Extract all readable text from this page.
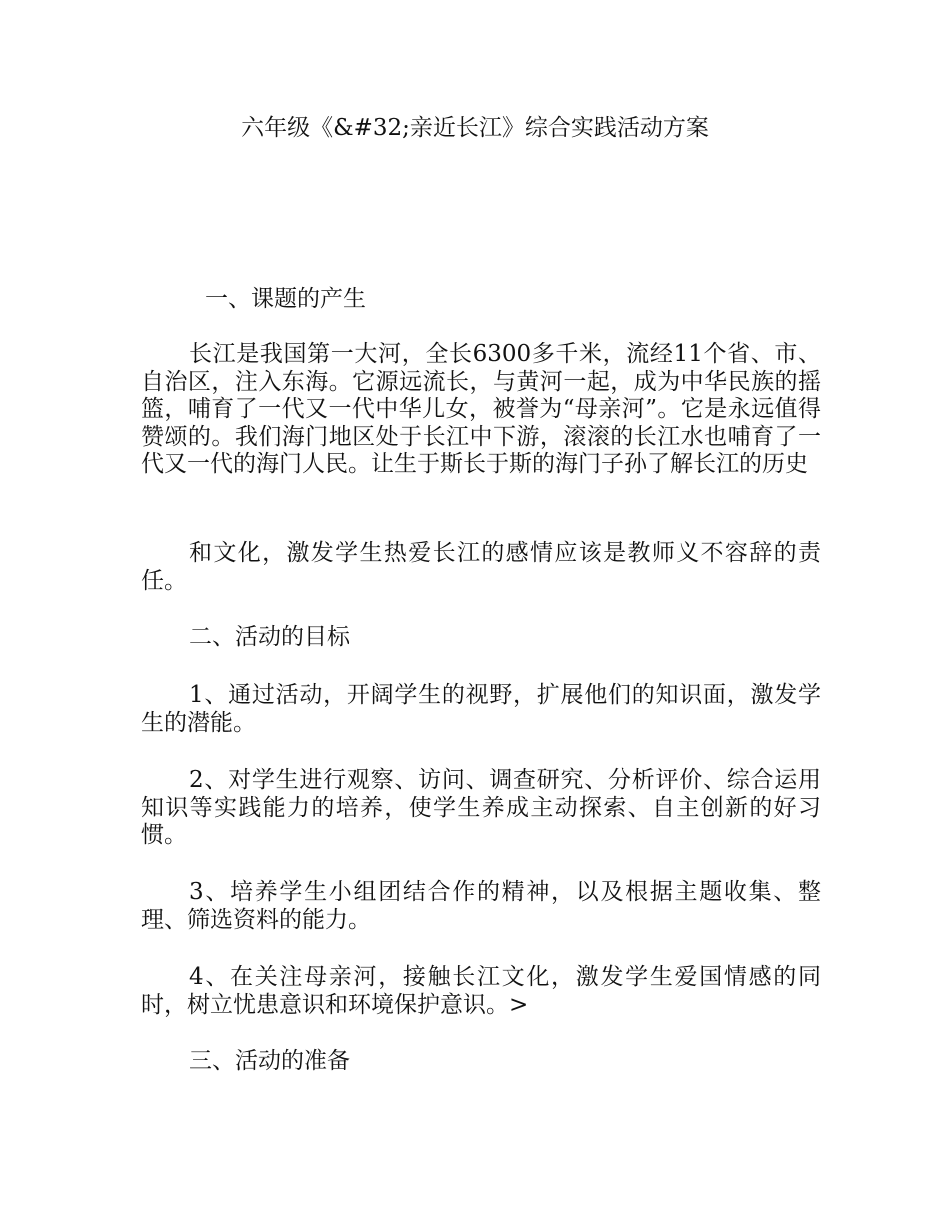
六年级《&#32;亲近长江》综合实践活动方案
一、课题的产生
长江是我国第一大河，全长6300多千米，流经11个省、市、自治区，注入东海。它源远流长，与黄河一起，成为中华民族的摇篮，哺育了一代又一代中华儿女，被誉为“母亲河”。它是永远值得赞颂的。我们海门地区处于长江中下游，滚滚的长江水也哺育了一代又一代的海门人民。让生于斯长于斯的海门子孙了解长江的历史
和文化，激发学生热爱长江的感情应该是教师义不容辞的责任。
二、活动的目标
1、通过活动，开阔学生的视野，扩展他们的知识面，激发学生的潜能。
2、对学生进行观察、访问、调查研究、分析评价、综合运用知识等实践能力的培养，使学生养成主动探索、自主创新的好习惯。
3、培养学生小组团结合作的精神，以及根据主题收集、整理、筛选资料的能力。
4、在关注母亲河，接触长江文化，激发学生爱国情感的同时，树立忧患意识和环境保护意识。>
三、活动的准备
